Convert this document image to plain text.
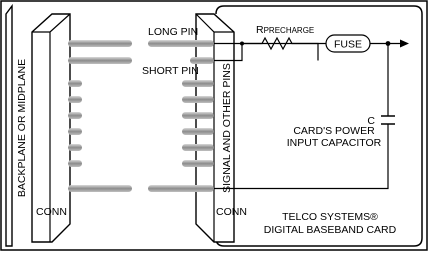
BACKPLANE OR MIDPLANE	SIGNAL AND OTHER PINS
CONN	CONN
LONG PIN
SHORT PIN
RPRECHARGE
FUSE
C
CARD'S POWER
INPUT CAPACITOR
TELCO SYSTEMS®
DIGITAL BASEBAND CARD
